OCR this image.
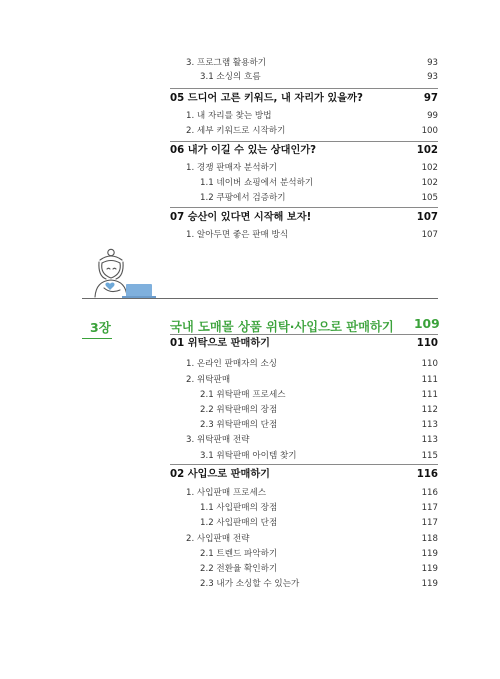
3. 프로그램 활용하기	93
3.1 소싱의 흐름	93
05 드디어 고른 키워드, 내 자리가 있을까?	97
1. 내 자리를 찾는 방법	99
2. 세부 키워드로 시작하기	100
06 내가 이길 수 있는 상대인가?	102
1. 경쟁 판매자 분석하기	102
1.1 네이버 쇼핑에서 분석하기	102
1.2 쿠팡에서 검증하기	105
07 승산이 있다면 시작해 보자!	107
1. 알아두면 좋은 판매 방식	107
3장	국내 도매몰 상품 위탁·사입으로 판매하기 109
01 위탁으로 판매하기	110
1. 온라인 판매자의 소싱	110
2. 위탁판매	111
2.1 위탁판매 프로세스	111
2.2 위탁판매의 장점	112
2.3 위탁판매의 단점	113
3. 위탁판매 전략	113
3.1 위탁판매 아이템 찾기	115
02 사입으로 판매하기	116
1. 사입판매 프로세스	116
1.1 사입판매의 장점	117
1.2 사입판매의 단점	117
2. 사입판매 전략	118
2.1 트렌드 파악하기	119
2.2 전환율 확인하기	119
2.3 내가 소싱할 수 있는가	119
